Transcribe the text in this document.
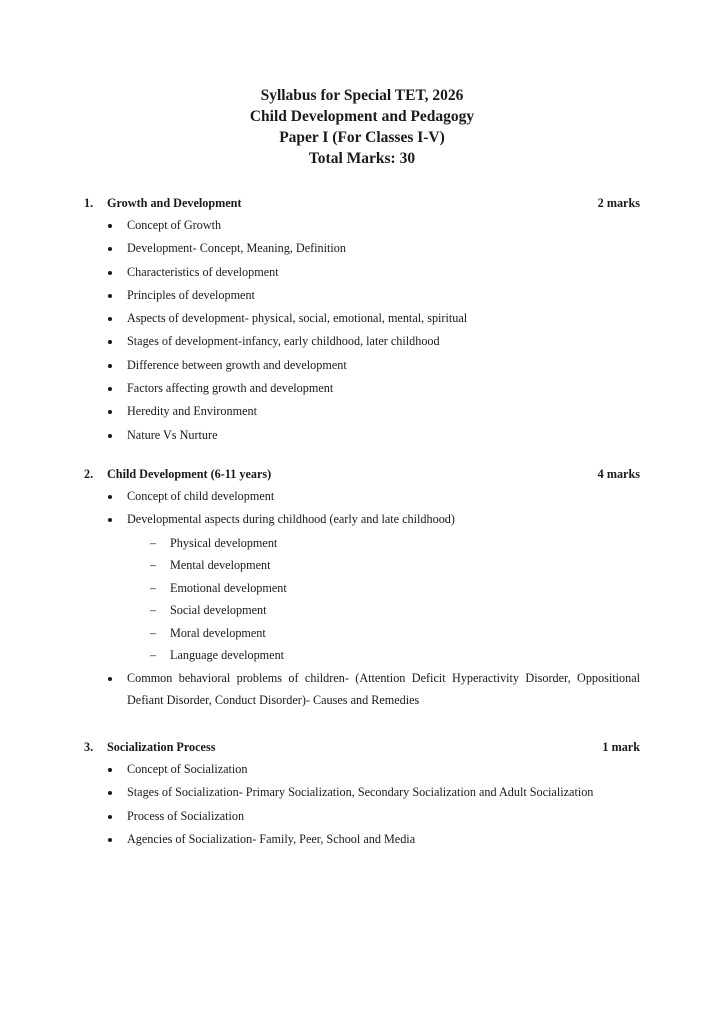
Syllabus for Special TET, 2026
Child Development and Pedagogy
Paper I (For Classes I-V)
Total Marks: 30
1.	Growth and Development	2 marks
Concept of Growth
Development- Concept, Meaning, Definition
Characteristics of development
Principles of development
Aspects of development- physical, social, emotional, mental, spiritual
Stages of development-infancy, early childhood, later childhood
Difference between growth and development
Factors affecting growth and development
Heredity and Environment
Nature Vs Nurture
2.	Child Development (6-11 years)	4 marks
Concept of child development
Developmental aspects during childhood (early and late childhood)
– Physical development
– Mental development
– Emotional development
– Social development
– Moral development
– Language development
Common behavioral problems of children- (Attention Deficit Hyperactivity Disorder, Oppositional Defiant Disorder, Conduct Disorder)- Causes and Remedies
3.	Socialization Process	1 mark
Concept of Socialization
Stages of Socialization- Primary Socialization, Secondary Socialization and Adult Socialization
Process of Socialization
Agencies of Socialization- Family, Peer, School and Media
